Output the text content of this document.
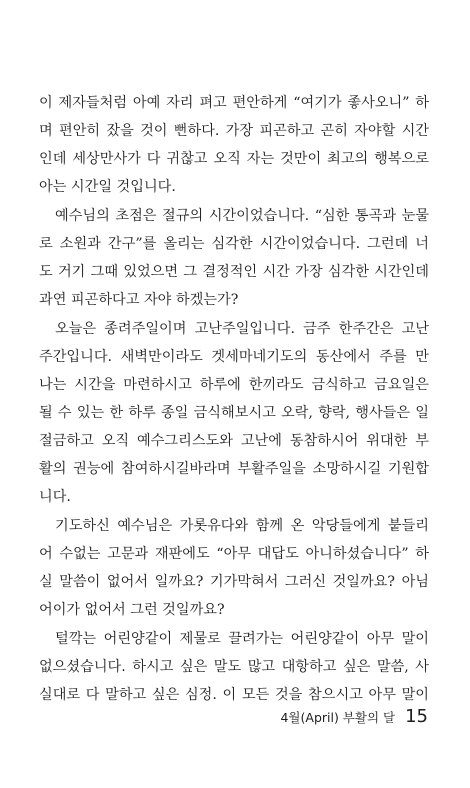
이 제자들처럼 아예 자리 펴고 편안하게 “여기가 좋사오니” 하
며 편안히 잤을 것이 뻔하다. 가장 피곤하고 곤히 자야할 시간
인데 세상만사가 다 귀찮고 오직 자는 것만이 최고의 행복으로
아는 시간일 것입니다.
예수님의 초점은 절규의 시간이었습니다. “심한 통곡과 눈물
로 소원과 간구”를 올리는 심각한 시간이었습니다. 그런데 너
도 거기 그때 있었으면 그 결정적인 시간 가장 심각한 시간인데
과연 피곤하다고 자야 하겠는가?
오늘은 종려주일이며 고난주일입니다. 금주 한주간은 고난
주간입니다. 새벽만이라도 겟세마네기도의 동산에서 주를 만
나는 시간을 마련하시고 하루에 한끼라도 금식하고 금요일은
될 수 있는 한 하루 종일 금식해보시고 오락, 향락, 행사들은 일
절금하고 오직 예수그리스도와 고난에 동참하시어 위대한 부
활의 권능에 참여하시길바라며 부활주일을 소망하시길 기원합
니다.
기도하신 예수님은 가롯유다와 함께 온 악당들에게 붙들리
어 수없는 고문과 재판에도 “아무 대답도 아니하셨습니다” 하
실 말씀이 없어서 일까요? 기가막혀서 그러신 것일까요? 아님
어이가 없어서 그런 것일까요?
털깍는 어린양같이 제물로 끌려가는 어린양같이 아무 말이
없으셨습니다. 하시고 싶은 말도 많고 대항하고 싶은 말씀, 사
실대로 다 말하고 싶은 심정. 이 모든 것을 참으시고 아무 말이
4월(April) 부활의 달 15
